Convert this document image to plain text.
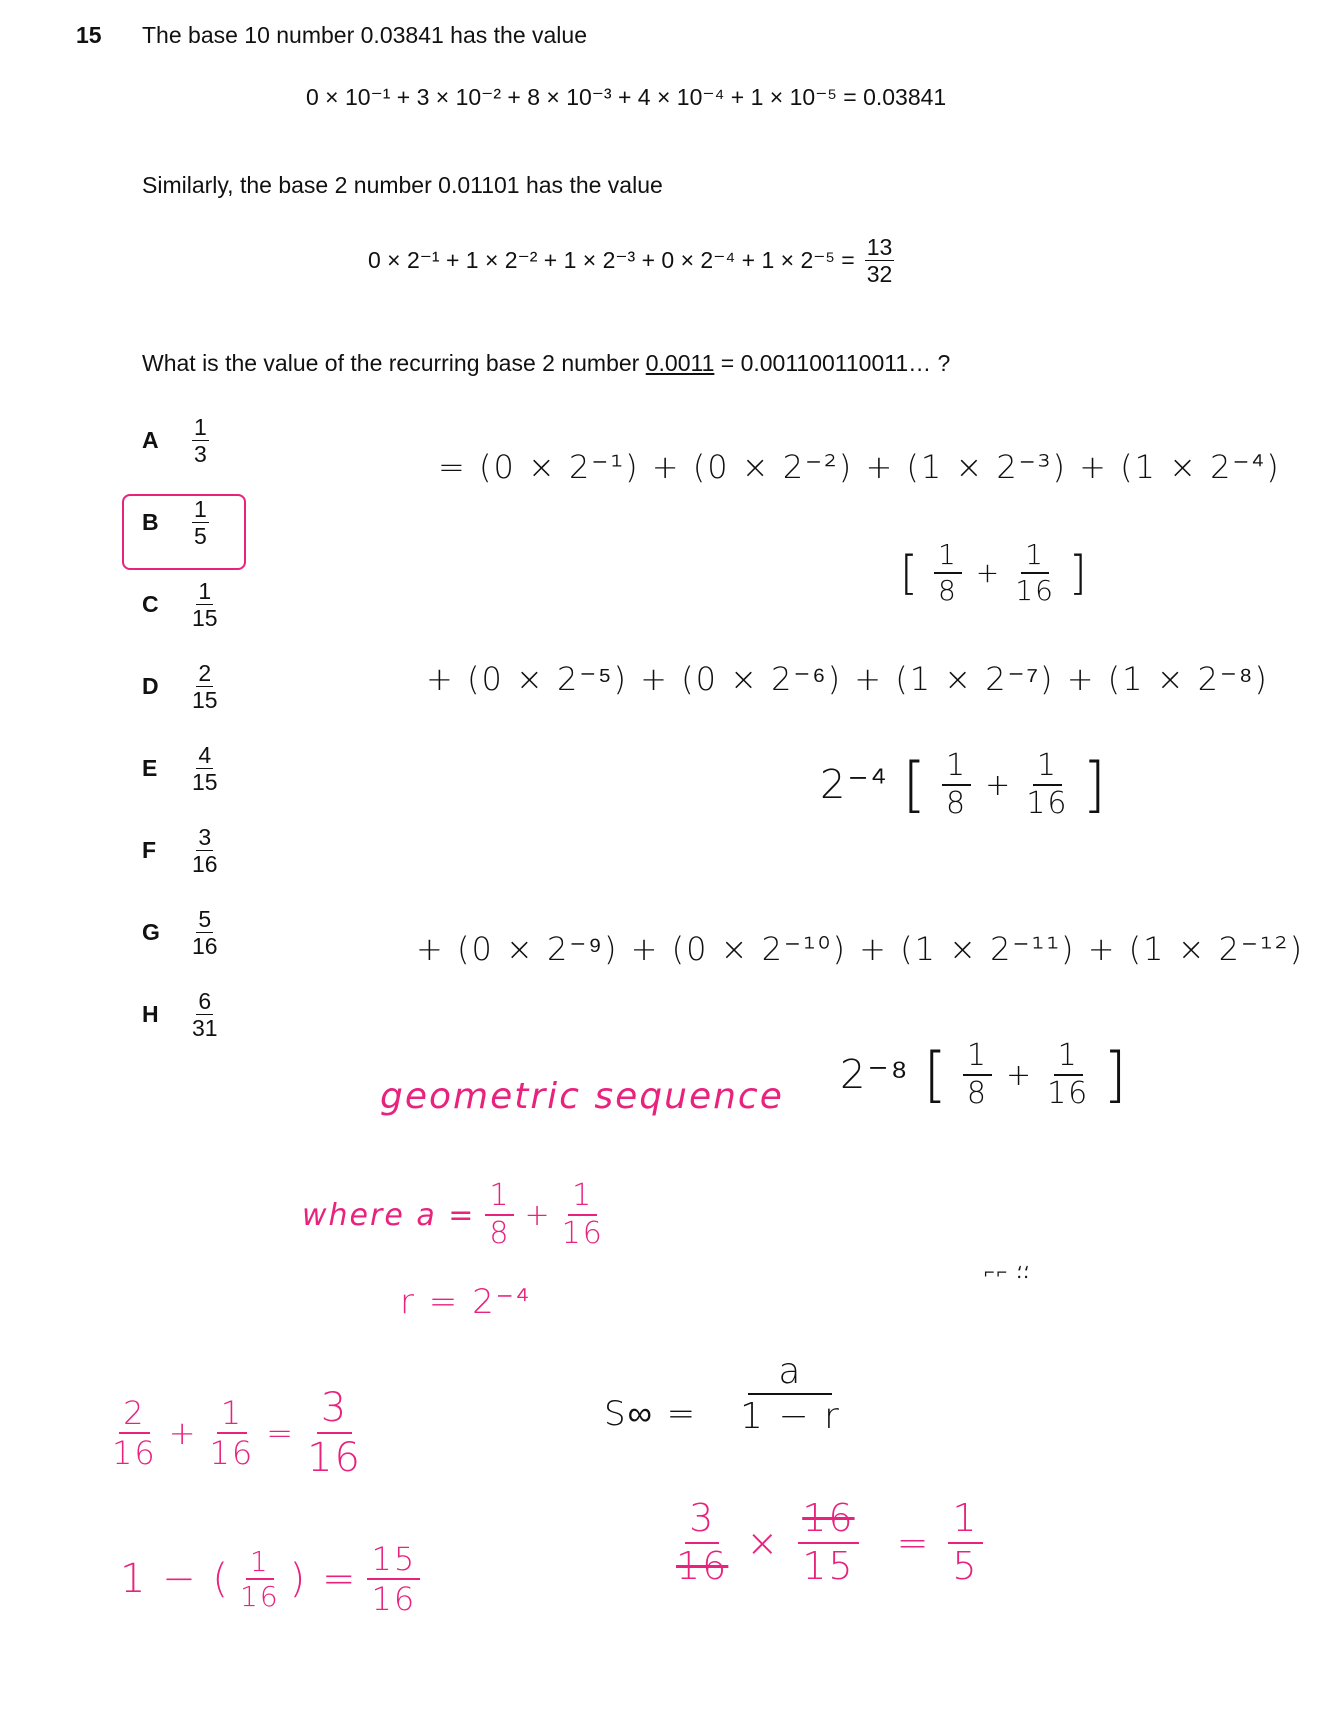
15 The base 10 number 0.03841 has the value
0 × 10⁻¹ + 3 × 10⁻² + 8 × 10⁻³ + 4 × 10⁻⁴ + 1 × 10⁻⁵ = 0.03841
Similarly, the base 2 number 0.01101 has the value
$0 \times 2^{-1} + 1 \times 2^{-2} + 1 \times 2^{-3} + 0 \times 2^{-4} + 1 \times 2^{-5} = \frac{13}{32}$
What is the value of the recurring base 2 number 0.0011 = 0.001100110011… ?
A	$\frac{1}{3}$
B	$\frac{1}{5}$
C	$\frac{1}{15}$
D	$\frac{2}{15}$
E	$\frac{4}{15}$
F	$\frac{3}{16}$
G	$\frac{5}{16}$
H	$\frac{6}{31}$
= (0 × 2⁻¹) + (0 × 2⁻²) + (1 × 2⁻³) + (1 × 2⁻⁴)
[ 1
8
+ $\frac{1}{16}$ ]
+ (0 × 2⁻⁵) + (0 × 2⁻⁶) + (1 × 2⁻⁷) + (1 × 2⁻⁸)
2⁻⁴ [ 1
8
+ $\frac{1}{16}$ ]
+ (0 × 2⁻⁹) + (0 × 2⁻¹⁰) + (1 × 2⁻¹¹) + (1 × 2⁻¹²)
2⁻⁸ [ 1
8
+ $\frac{1}{16}$ ]
⌐⌐ ⸵⸵
geometric sequence
where $a = \frac{1}{8} + \frac{1}{16}$
r = 2⁻⁴
2
16
+ $\frac{1}{16} = \frac{3}{16}$
1 − ( 1
16 ) = $\frac{15}{16}$
$S\infty = \frac{a}{1 - r}$
$\frac{3}{16} \times \frac{16}{15} = \frac{1}{5}$
